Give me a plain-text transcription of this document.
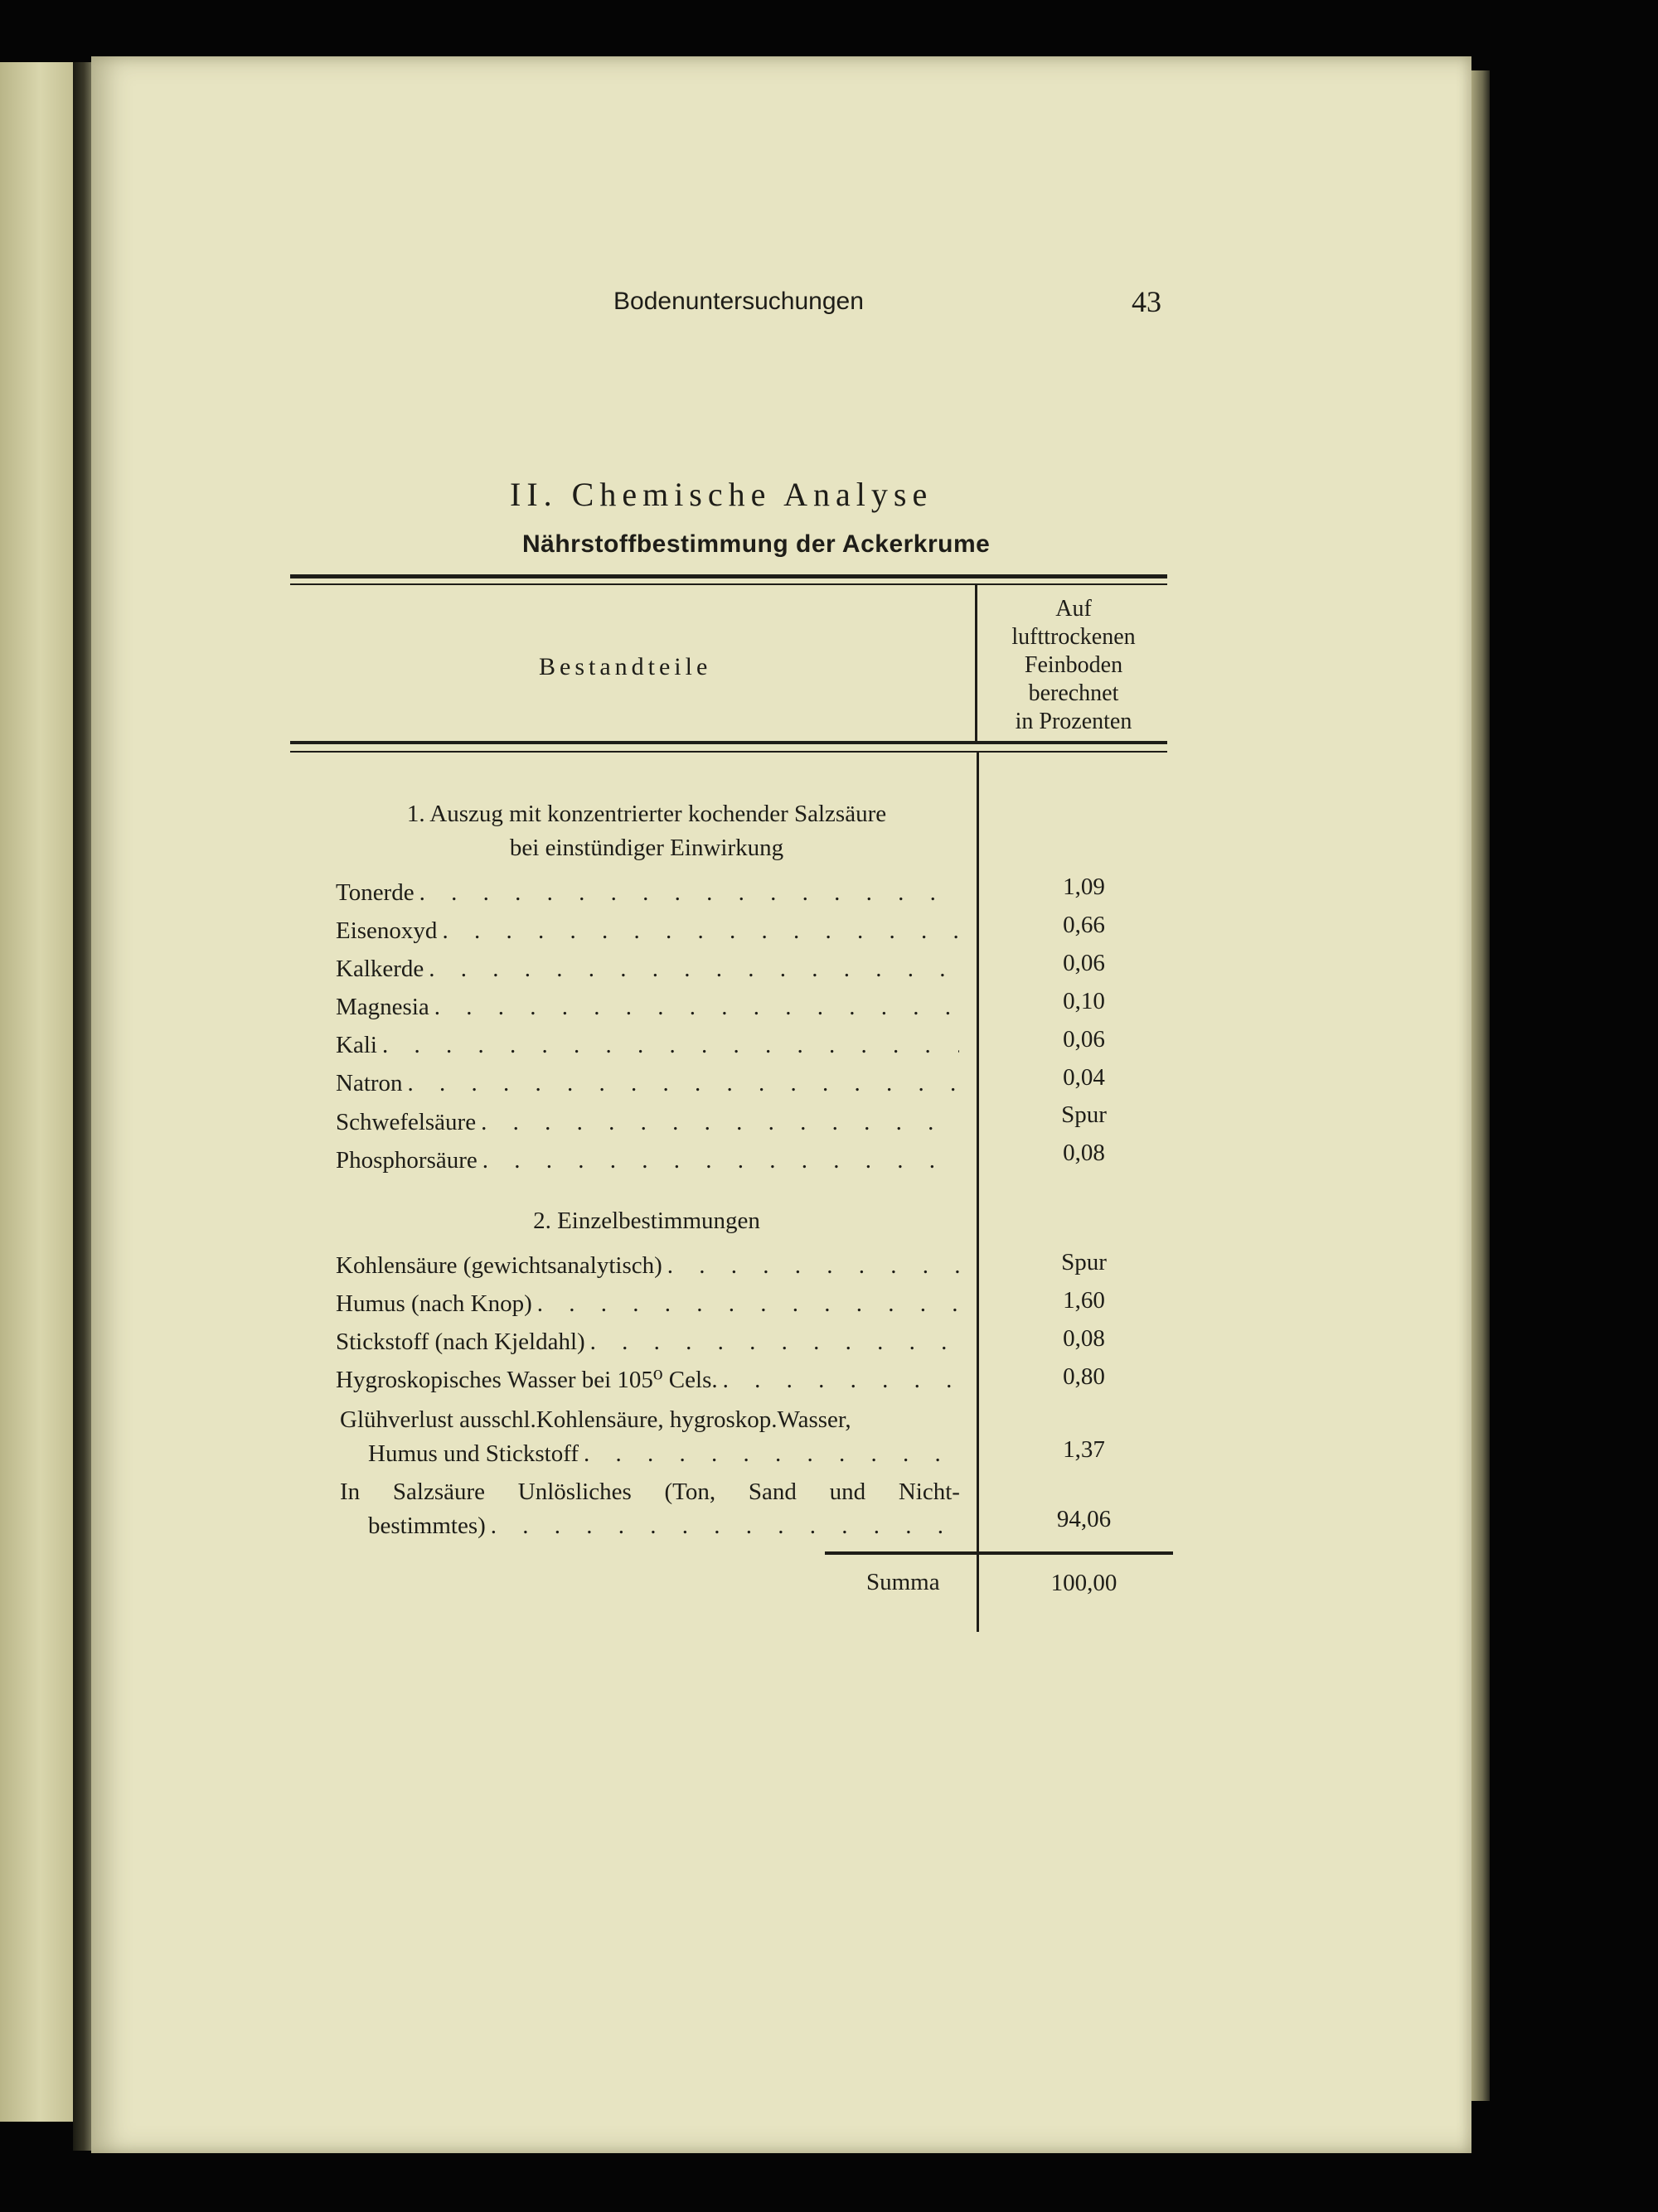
Bodenuntersuchungen	43
II. Chemische Analyse
Nährstoffbestimmung der Ackerkrume
Bestandteile
Auf
lufttrockenen
Feinboden
berechnet
in Prozenten
1. Auszug mit konzentrierter kochender Salzsäure
bei einstündiger Einwirkung
Tonerde . . .	1,09
Eisenoxyd . . .	0,66
Kalkerde . . .	0,06
Magnesia . . .	0,10
Kali . . .	0,06
Natron . . .	0,04
Schwefelsäure . . .	Spur
Phosphorsäure . . .	0,08
2. Einzelbestimmungen
Kohlensäure (gewichtsanalytisch) . . .	Spur
Humus (nach Knop) . . .	1,60
Stickstoff (nach Kjeldahl) . . .	0,08
Hygroskopisches Wasser bei 105⁰ Cels. . . .	0,80
Glühverlust ausschl.Kohlensäure, hygroskop.Wasser,
Humus und Stickstoff . . .	1,37
In Salzsäure Unlösliches (Ton, Sand und Nicht-
bestimmtes) . . .	94,06
Summa	100,00
